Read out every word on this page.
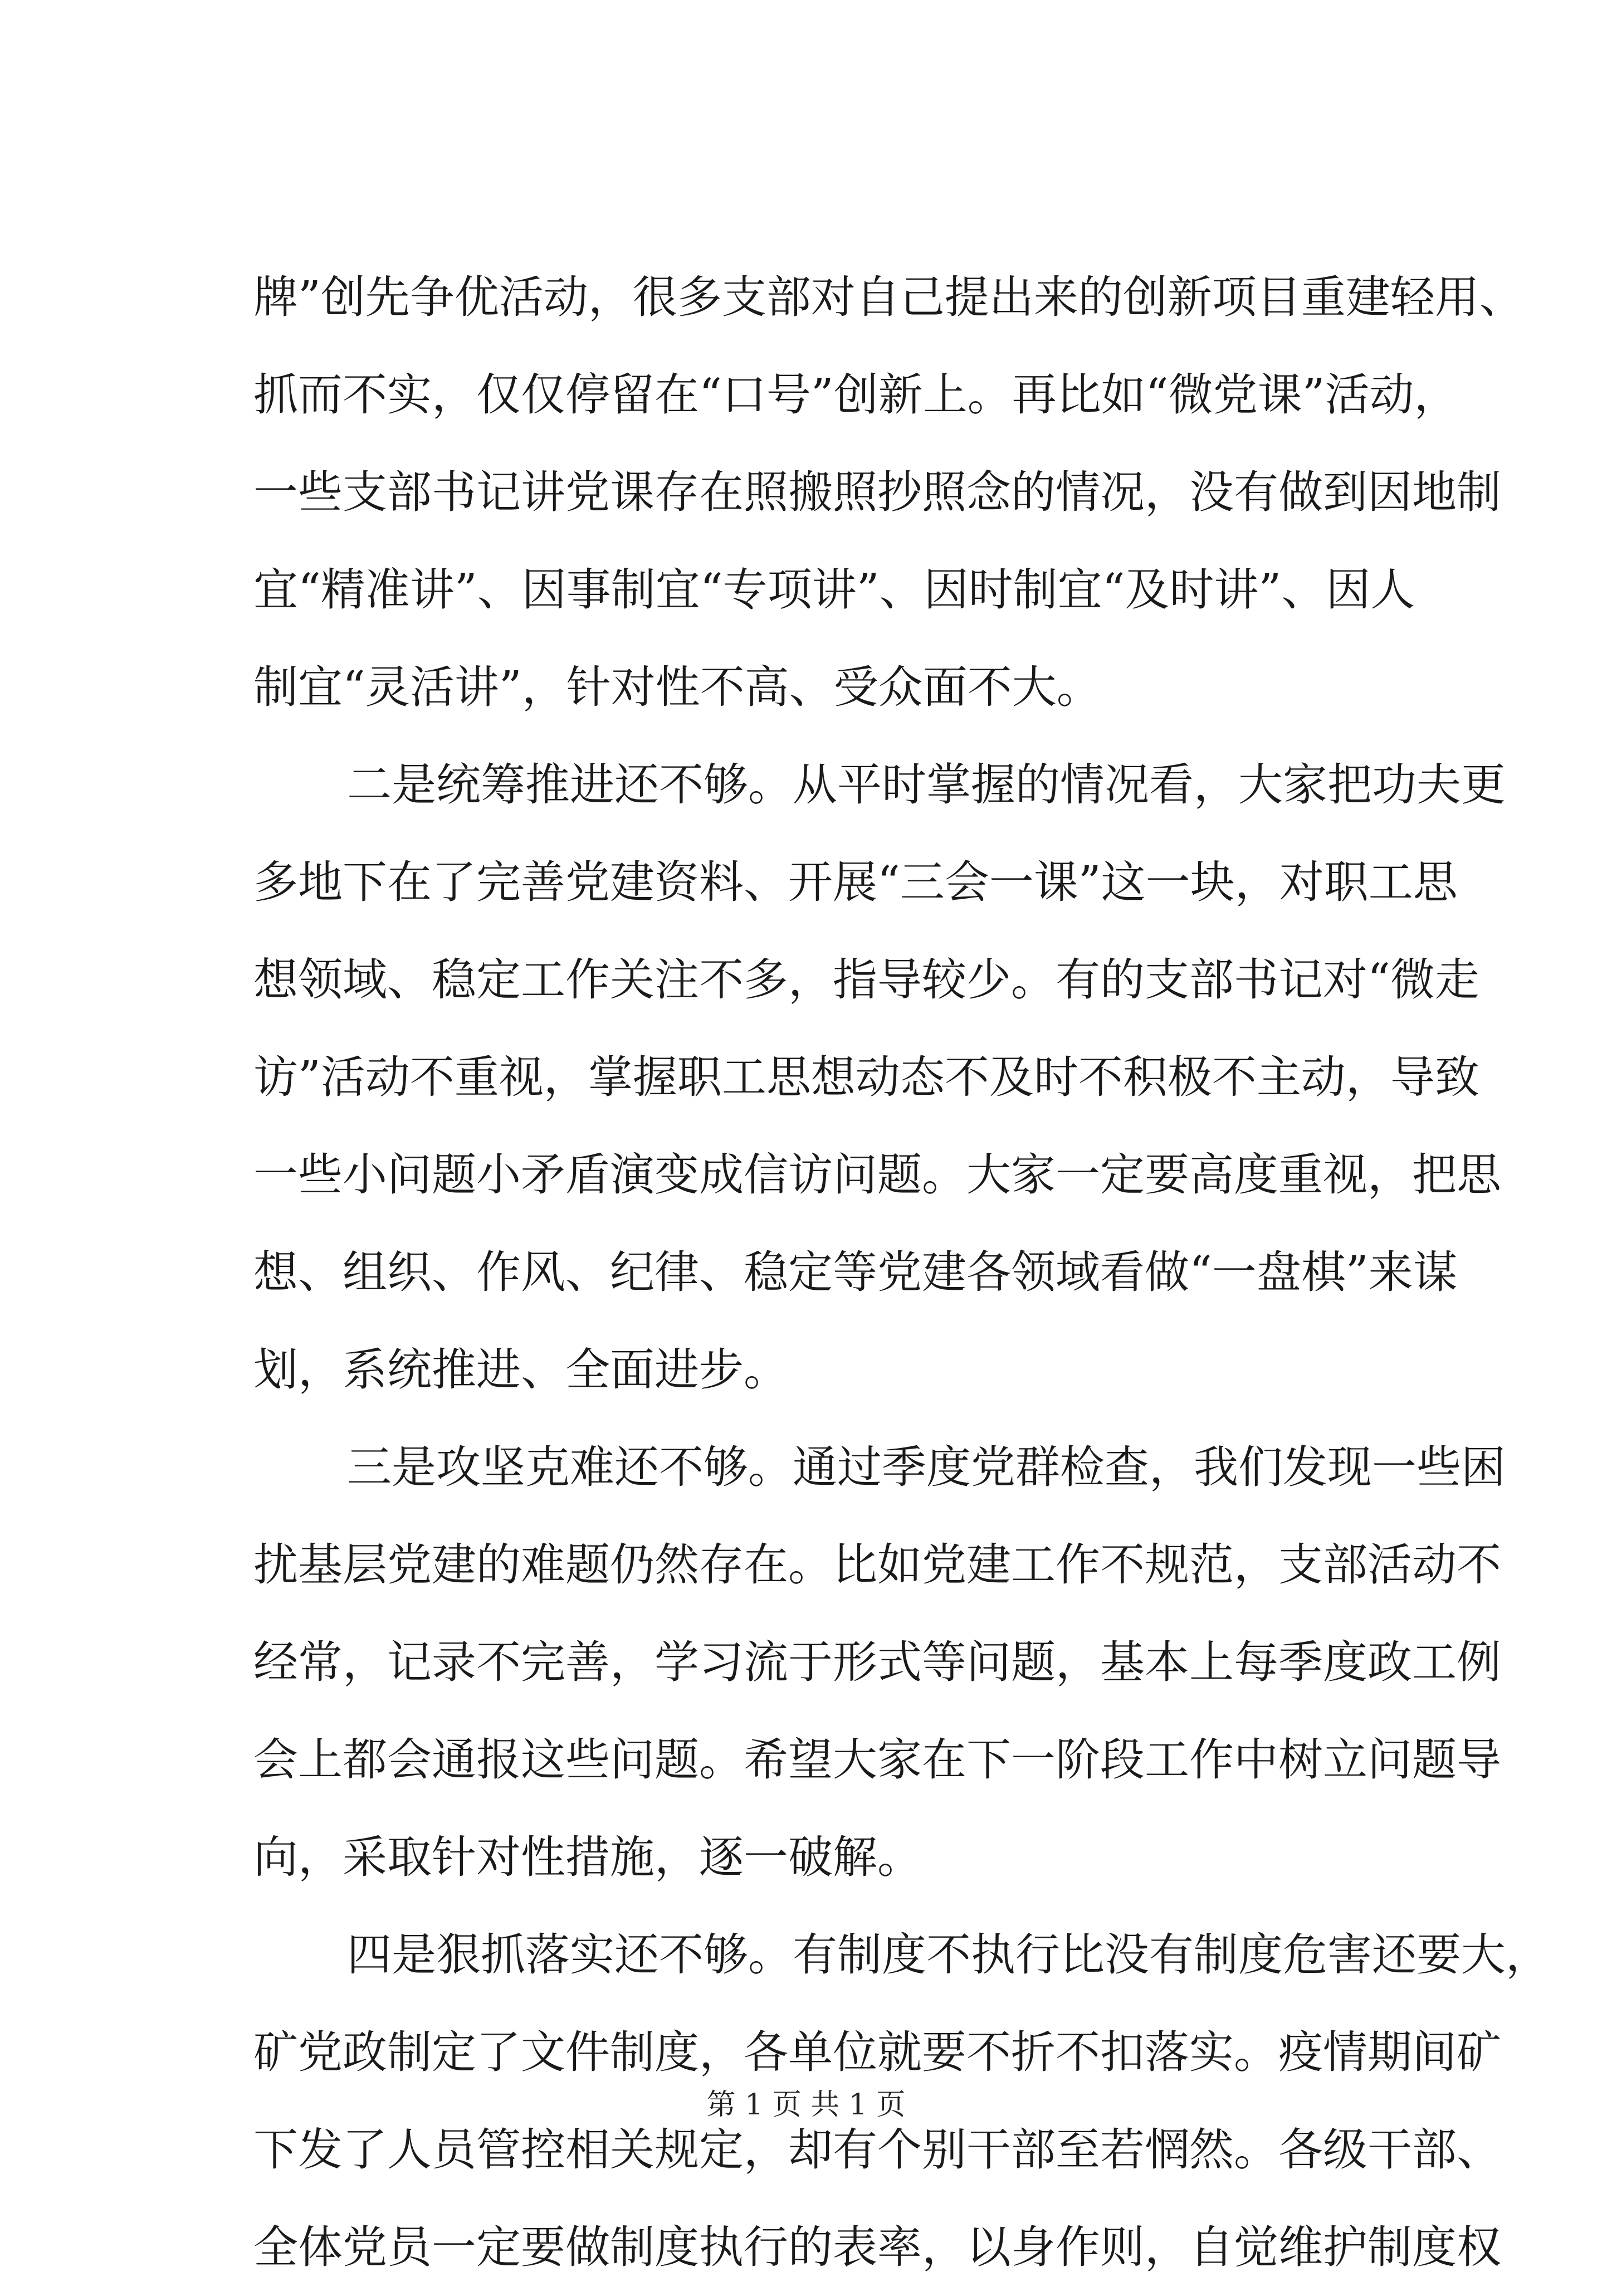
牌”创先争优活动，很多支部对自己提出来的创新项目重建轻用、
抓而不实，仅仅停留在“口号”创新上。再比如“微党课”活动，
一些支部书记讲党课存在照搬照抄照念的情况，没有做到因地制
宜“精准讲”、因事制宜“专项讲”、因时制宜“及时讲”、因人
制宜“灵活讲”，针对性不高、受众面不大。
二是统筹推进还不够。从平时掌握的情况看，大家把功夫更
多地下在了完善党建资料、开展“三会一课”这一块，对职工思
想领域、稳定工作关注不多，指导较少。有的支部书记对“微走
访”活动不重视，掌握职工思想动态不及时不积极不主动，导致
一些小问题小矛盾演变成信访问题。大家一定要高度重视，把思
想、组织、作风、纪律、稳定等党建各领域看做“一盘棋”来谋
划，系统推进、全面进步。
三是攻坚克难还不够。通过季度党群检查，我们发现一些困
扰基层党建的难题仍然存在。比如党建工作不规范，支部活动不
经常，记录不完善，学习流于形式等问题，基本上每季度政工例
会上都会通报这些问题。希望大家在下一阶段工作中树立问题导
向，采取针对性措施，逐一破解。
四是狠抓落实还不够。有制度不执行比没有制度危害还要大，
矿党政制定了文件制度，各单位就要不折不扣落实。疫情期间矿
下发了人员管控相关规定，却有个别干部至若惘然。各级干部、
全体党员一定要做制度执行的表率，以身作则，自觉维护制度权
第 1 页 共 1 页
